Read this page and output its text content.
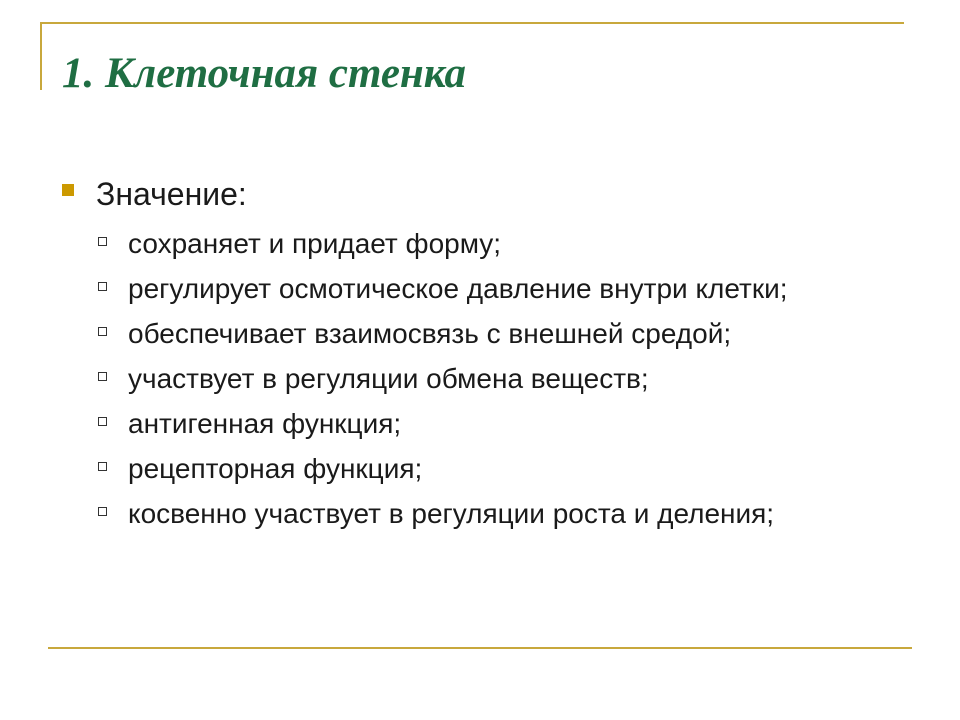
1. Клеточная стенка
Значение:
сохраняет и придает форму;
регулирует осмотическое давление внутри клетки;
обеспечивает взаимосвязь с внешней средой;
участвует в регуляции обмена веществ;
антигенная функция;
рецепторная функция;
косвенно участвует в регуляции роста и деления;
